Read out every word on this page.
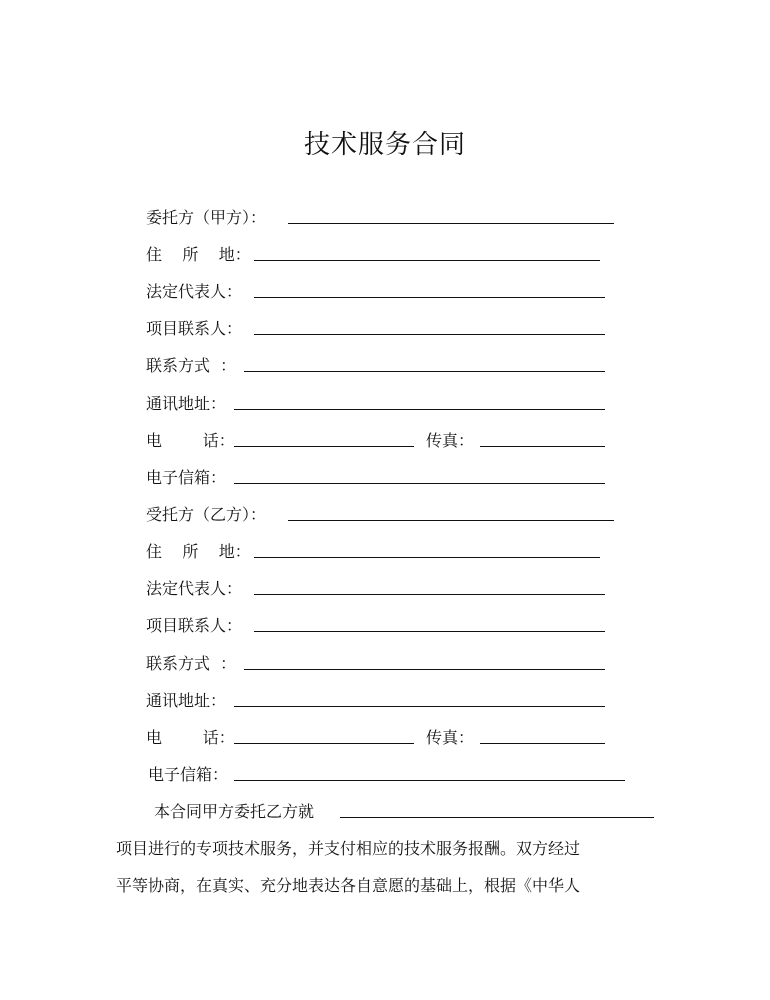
技术服务合同
委托方（甲方）：
住    所    地：
法定代表人：
项目联系人：
联系方式  ：
通讯地址：
电        话：	传真：
电子信箱：
受托方（乙方）：
住    所    地：
法定代表人：
项目联系人：
联系方式  ：
通讯地址：
电        话：	传真：
电子信箱：
本合同甲方委托乙方就
项目进行的专项技术服务，并支付相应的技术服务报酬。双方经过
平等协商，在真实、充分地表达各自意愿的基础上，根据《中华人
